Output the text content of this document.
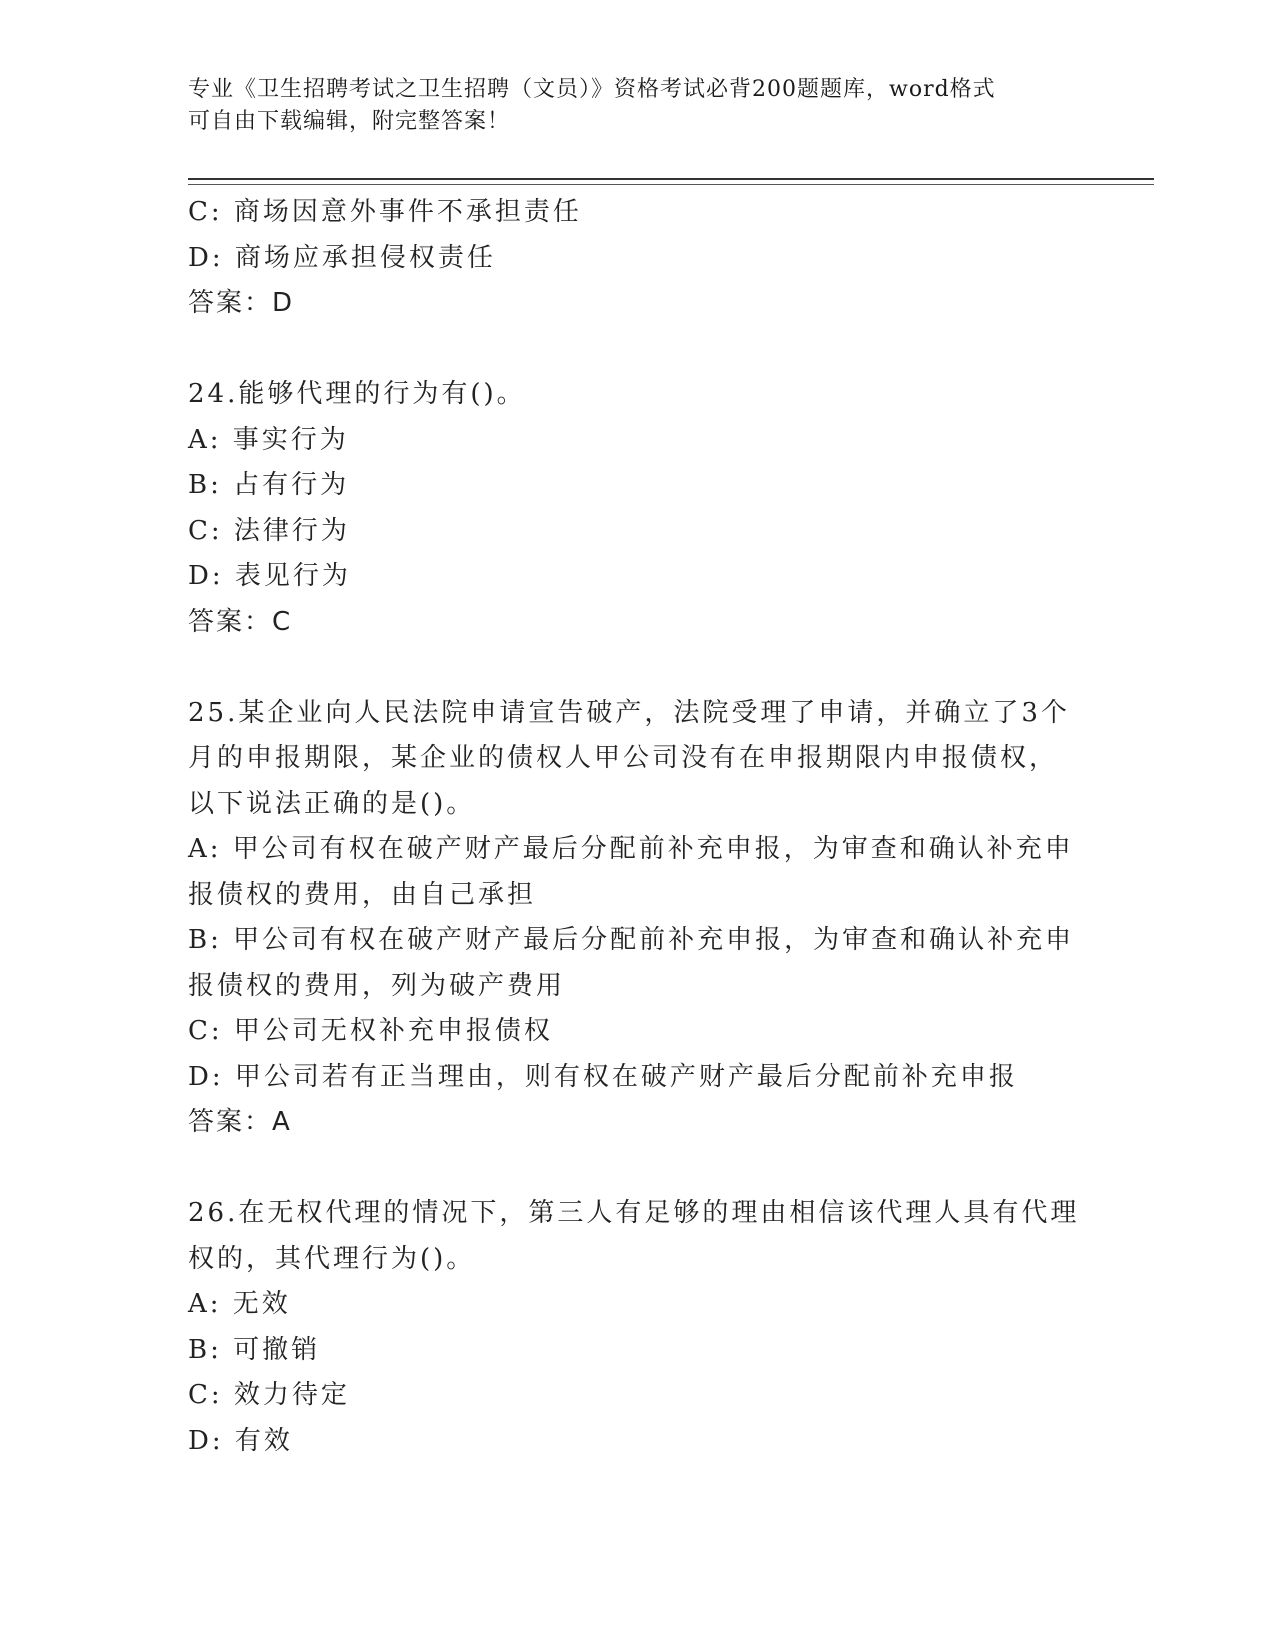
专业《卫生招聘考试之卫生招聘（文员）》资格考试必背200题题库，word格式
可自由下载编辑，附完整答案！
C: 商场因意外事件不承担责任
D: 商场应承担侵权责任
答案：D
24.能够代理的行为有()。
A: 事实行为
B: 占有行为
C: 法律行为
D: 表见行为
答案：C
25.某企业向人民法院申请宣告破产，法院受理了申请，并确立了3个
月的申报期限，某企业的债权人甲公司没有在申报期限内申报债权，
以下说法正确的是()。
A: 甲公司有权在破产财产最后分配前补充申报，为审查和确认补充申
报债权的费用，由自己承担
B: 甲公司有权在破产财产最后分配前补充申报，为审查和确认补充申
报债权的费用，列为破产费用
C: 甲公司无权补充申报债权
D: 甲公司若有正当理由，则有权在破产财产最后分配前补充申报
答案：A
26.在无权代理的情况下，第三人有足够的理由相信该代理人具有代理
权的，其代理行为()。
A: 无效
B: 可撤销
C: 效力待定
D: 有效
